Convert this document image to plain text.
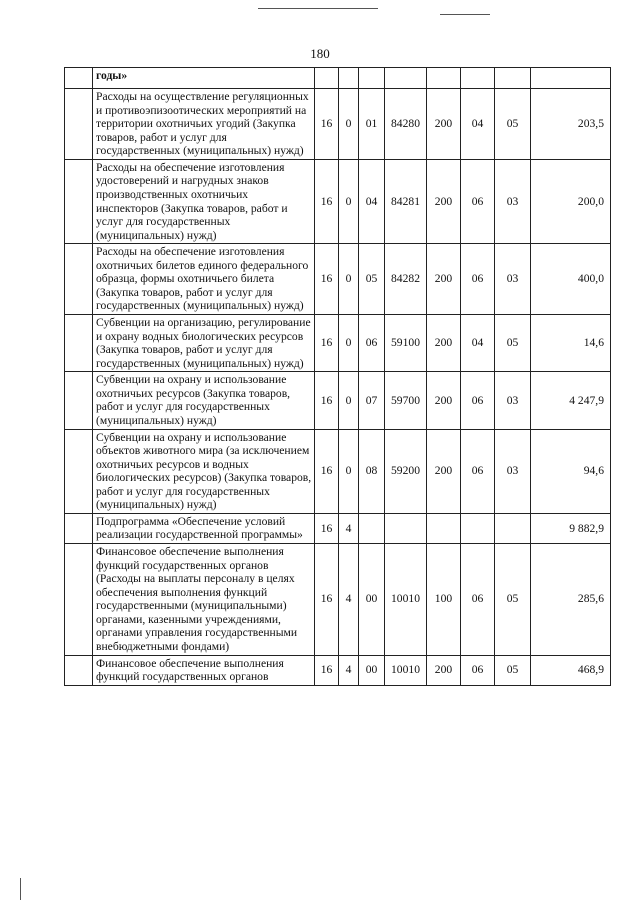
180
	годы»								
	Расходы на осуществление регуляционных и противоэпизоотических мероприятий на территории охотничьих угодий (Закупка товаров, работ и услуг для государственных (муниципальных) нужд)	16	0	01	84280	200	04	05	203,5
	Расходы на обеспечение изготовления удостоверений и нагрудных знаков производственных охотничьих инспекторов (Закупка товаров, работ и услуг для государственных (муниципальных) нужд)	16	0	04	84281	200	06	03	200,0
	Расходы на обеспечение изготовления охотничьих билетов единого федерального образца, формы охотничьего билета (Закупка товаров, работ и услуг для государственных (муниципальных) нужд)	16	0	05	84282	200	06	03	400,0
	Субвенции на организацию, регулирование и охрану водных биологических ресурсов (Закупка товаров, работ и услуг для государственных (муниципальных) нужд)	16	0	06	59100	200	04	05	14,6
	Субвенции на охрану и использование охотничьих ресурсов (Закупка товаров, работ и услуг для государственных (муниципальных) нужд)	16	0	07	59700	200	06	03	4 247,9
	Субвенции на охрану и использование объектов животного мира (за исключением охотничьих ресурсов и водных биологических ресурсов) (Закупка товаров, работ и услуг для государственных (муниципальных) нужд)	16	0	08	59200	200	06	03	94,6
	Подпрограмма «Обеспечение условий реализации государственной программы»	16	4						9 882,9
	Финансовое обеспечение выполнения функций государственных органов (Расходы на выплаты персоналу в целях обеспечения выполнения функций государственными (муниципальными) органами, казенными учреждениями, органами управления государственными внебюджетными фондами)	16	4	00	10010	100	06	05	285,6
	Финансовое обеспечение выполнения функций государственных органов	16	4	00	10010	200	06	05	468,9
